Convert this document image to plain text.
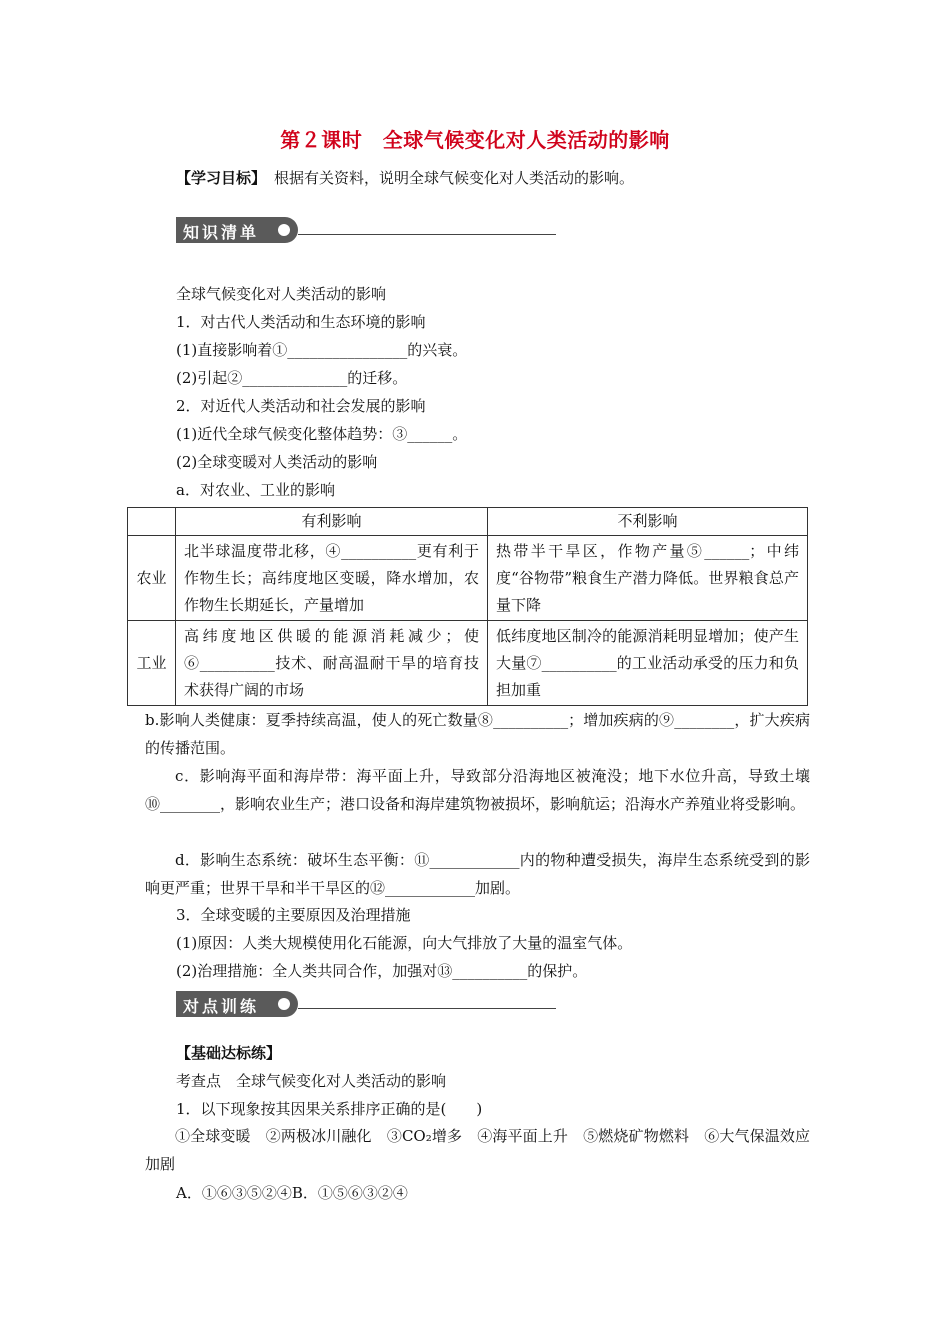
第２课时　全球气候变化对人类活动的影响
【学习目标】 根据有关资料，说明全球气候变化对人类活动的影响。
知识清单
全球气候变化对人类活动的影响
1．对古代人类活动和生态环境的影响
(1)直接影响着①________________的兴衰。
(2)引起②______________的迁移。
2．对近代人类活动和社会发展的影响
(1)近代全球气候变化整体趋势：③______。
(2)全球变暖对人类活动的影响
a．对农业、工业的影响
	有利影响	不利影响
农业	北半球温度带北移，④__________更有利于作物生长；高纬度地区变暖，降水增加，农作物生长期延长，产量增加	热带半干旱区，作物产量⑤______；中纬度“谷物带”粮食生产潜力降低。世界粮食总产量下降
工业	高纬度地区供暖的能源消耗减少；使⑥__________技术、耐高温耐干旱的培育技术获得广阔的市场	低纬度地区制冷的能源消耗明显增加；使产生大量⑦__________的工业活动承受的压力和负担加重
b.影响人类健康：夏季持续高温，使人的死亡数量⑧__________；增加疾病的⑨________，扩大疾病的传播范围。
c．影响海平面和海岸带：海平面上升，导致部分沿海地区被淹没；地下水位升高，导致土壤⑩________，影响农业生产；港口设备和海岸建筑物被损坏，影响航运；沿海水产养殖业将受影响。
d．影响生态系统：破坏生态平衡：⑪____________内的物种遭受损失，海岸生态系统受到的影响更严重；世界干旱和半干旱区的⑫____________加剧。
3．全球变暖的主要原因及治理措施
(1)原因：人类大规模使用化石能源，向大气排放了大量的温室气体。
(2)治理措施：全人类共同合作，加强对⑬__________的保护。
对点训练
【基础达标练】
考查点　全球气候变化对人类活动的影响
1．以下现象按其因果关系排序正确的是(　　)
①全球变暖　②两极冰川融化　③CO₂增多　④海平面上升　⑤燃烧矿物燃料　⑥大气保温效应加剧
A．①⑥③⑤②④B．①⑤⑥③②④
